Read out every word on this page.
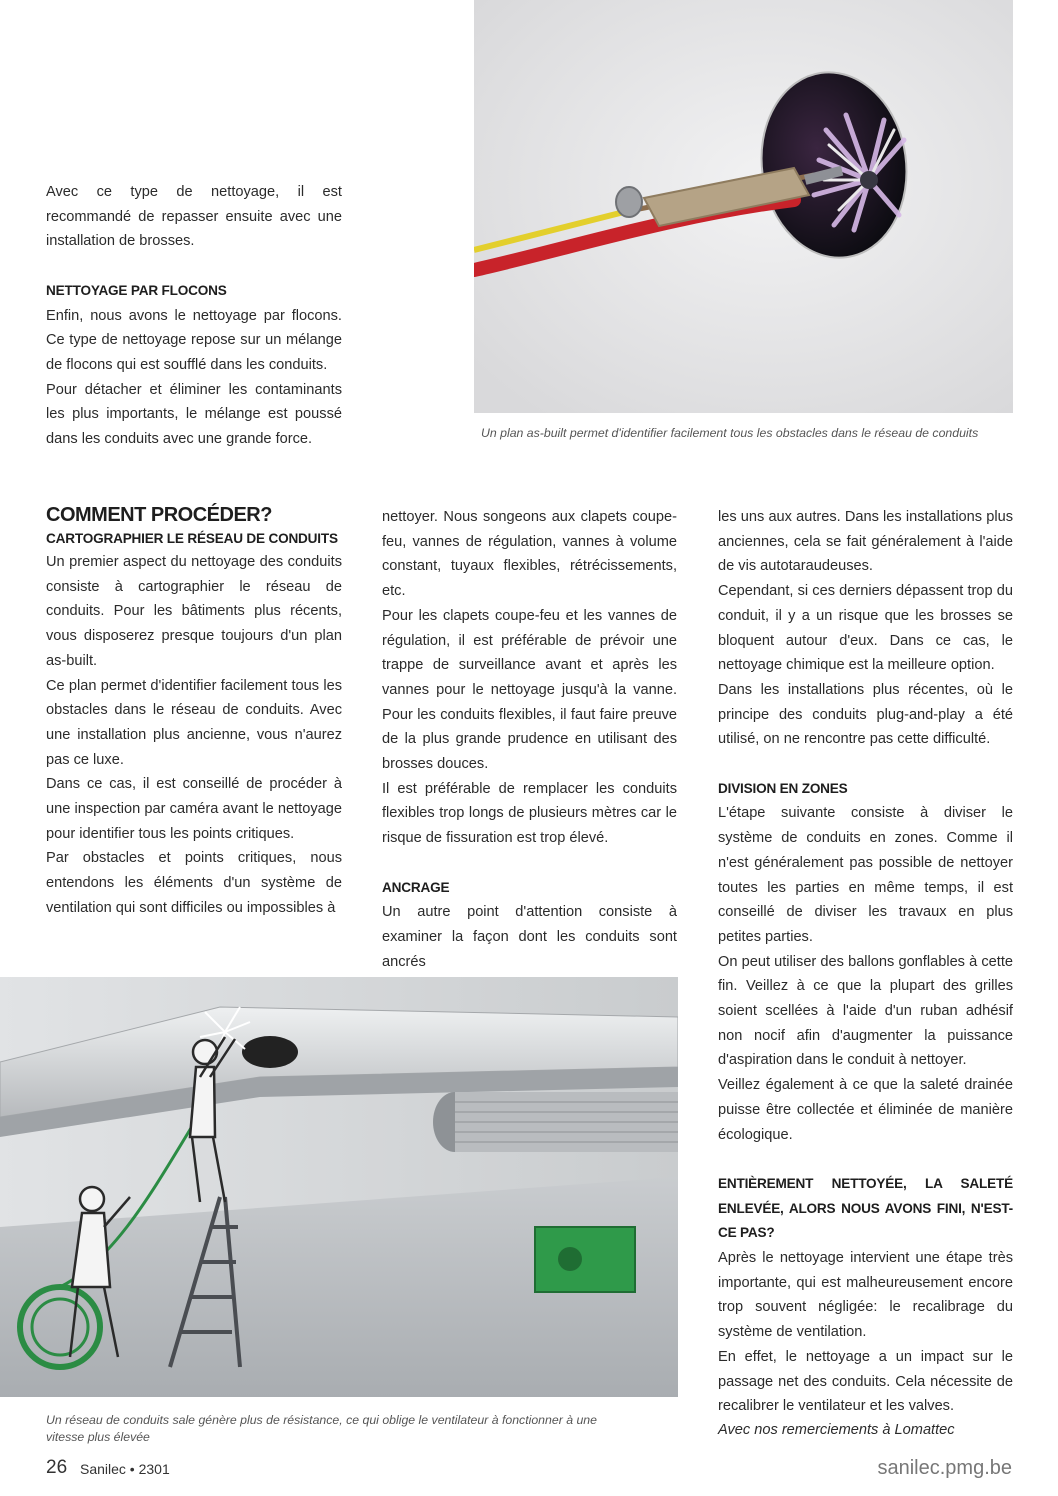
Avec ce type de nettoyage, il est recommandé de repasser ensuite avec une installation de brosses.

NETTOYAGE PAR FLOCONS

Enfin, nous avons le nettoyage par flocons. Ce type de nettoyage repose sur un mélange de flocons qui est soufflé dans les conduits.

Pour détacher et éliminer les contaminants les plus importants, le mélange est poussé dans les conduits avec une grande force.	Un plan as-built permet d'identifier facilement tous les obstacles dans le réseau de conduits

COMMENT PROCÉDER?

CARTOGRAPHIER LE RÉSEAU DE CONDUITS

Un premier aspect du nettoyage des conduits consiste à cartographier le réseau de conduits. Pour les bâtiments plus récents, vous disposerez presque toujours d'un plan as-built.

Ce plan permet d'identifier facilement tous les obstacles dans le réseau de conduits. Avec une installation plus ancienne, vous n'aurez pas ce luxe.

Dans ce cas, il est conseillé de procéder à une inspection par caméra avant le nettoyage pour identifier tous les points critiques.

Par obstacles et points critiques, nous entendons les éléments d'un système de ventilation qui sont difficiles ou impossibles à

nettoyer. Nous songeons aux clapets coupe-feu, vannes de régulation, vannes à volume constant, tuyaux flexibles, rétrécissements, etc.

Pour les clapets coupe-feu et les vannes de régulation, il est préférable de prévoir une trappe de surveillance avant et après les vannes pour le nettoyage jusqu'à la vanne. Pour les conduits flexibles, il faut faire preuve de la plus grande prudence en utilisant des brosses douces.

Il est préférable de remplacer les conduits flexibles trop longs de plusieurs mètres car le risque de fissuration est trop élevé.

ANCRAGE

Un autre point d'attention consiste à examiner la façon dont les conduits sont ancrés

les uns aux autres. Dans les installations plus anciennes, cela se fait généralement à l'aide de vis autotaraudeuses.

Cependant, si ces derniers dépassent trop du conduit, il y a un risque que les brosses se bloquent autour d'eux. Dans ce cas, le nettoyage chimique est la meilleure option.

Dans les installations plus récentes, où le principe des conduits plug-and-play a été utilisé, on ne rencontre pas cette difficulté.

DIVISION EN ZONES

L'étape suivante consiste à diviser le système de conduits en zones. Comme il n'est généralement pas possible de nettoyer toutes les parties en même temps, il est conseillé de diviser les travaux en plus petites parties.

On peut utiliser des ballons gonflables à cette fin. Veillez à ce que la plupart des grilles soient scellées à l'aide d'un ruban adhésif non nocif afin d'augmenter la puissance d'aspiration dans le conduit à nettoyer.

Veillez également à ce que la saleté drainée puisse être collectée et éliminée de manière écologique.

ENTIÈREMENT NETTOYÉE, LA SALETÉ ENLEVÉE, ALORS NOUS AVONS FINI, N'EST-CE PAS?

Après le nettoyage intervient une étape très importante, qui est malheureusement encore trop souvent négligée: le recalibrage du système de ventilation.

En effet, le nettoyage a un impact sur le passage net des conduits. Cela nécessite de recalibrer le ventilateur et les valves.

Avec nos remerciements à Lomattec
Un réseau de conduits sale génère plus de résistance, ce qui oblige le ventilateur à fonctionner à une vitesse plus élevée
26 Sanilec • 2301	sanilec.pmg.be
